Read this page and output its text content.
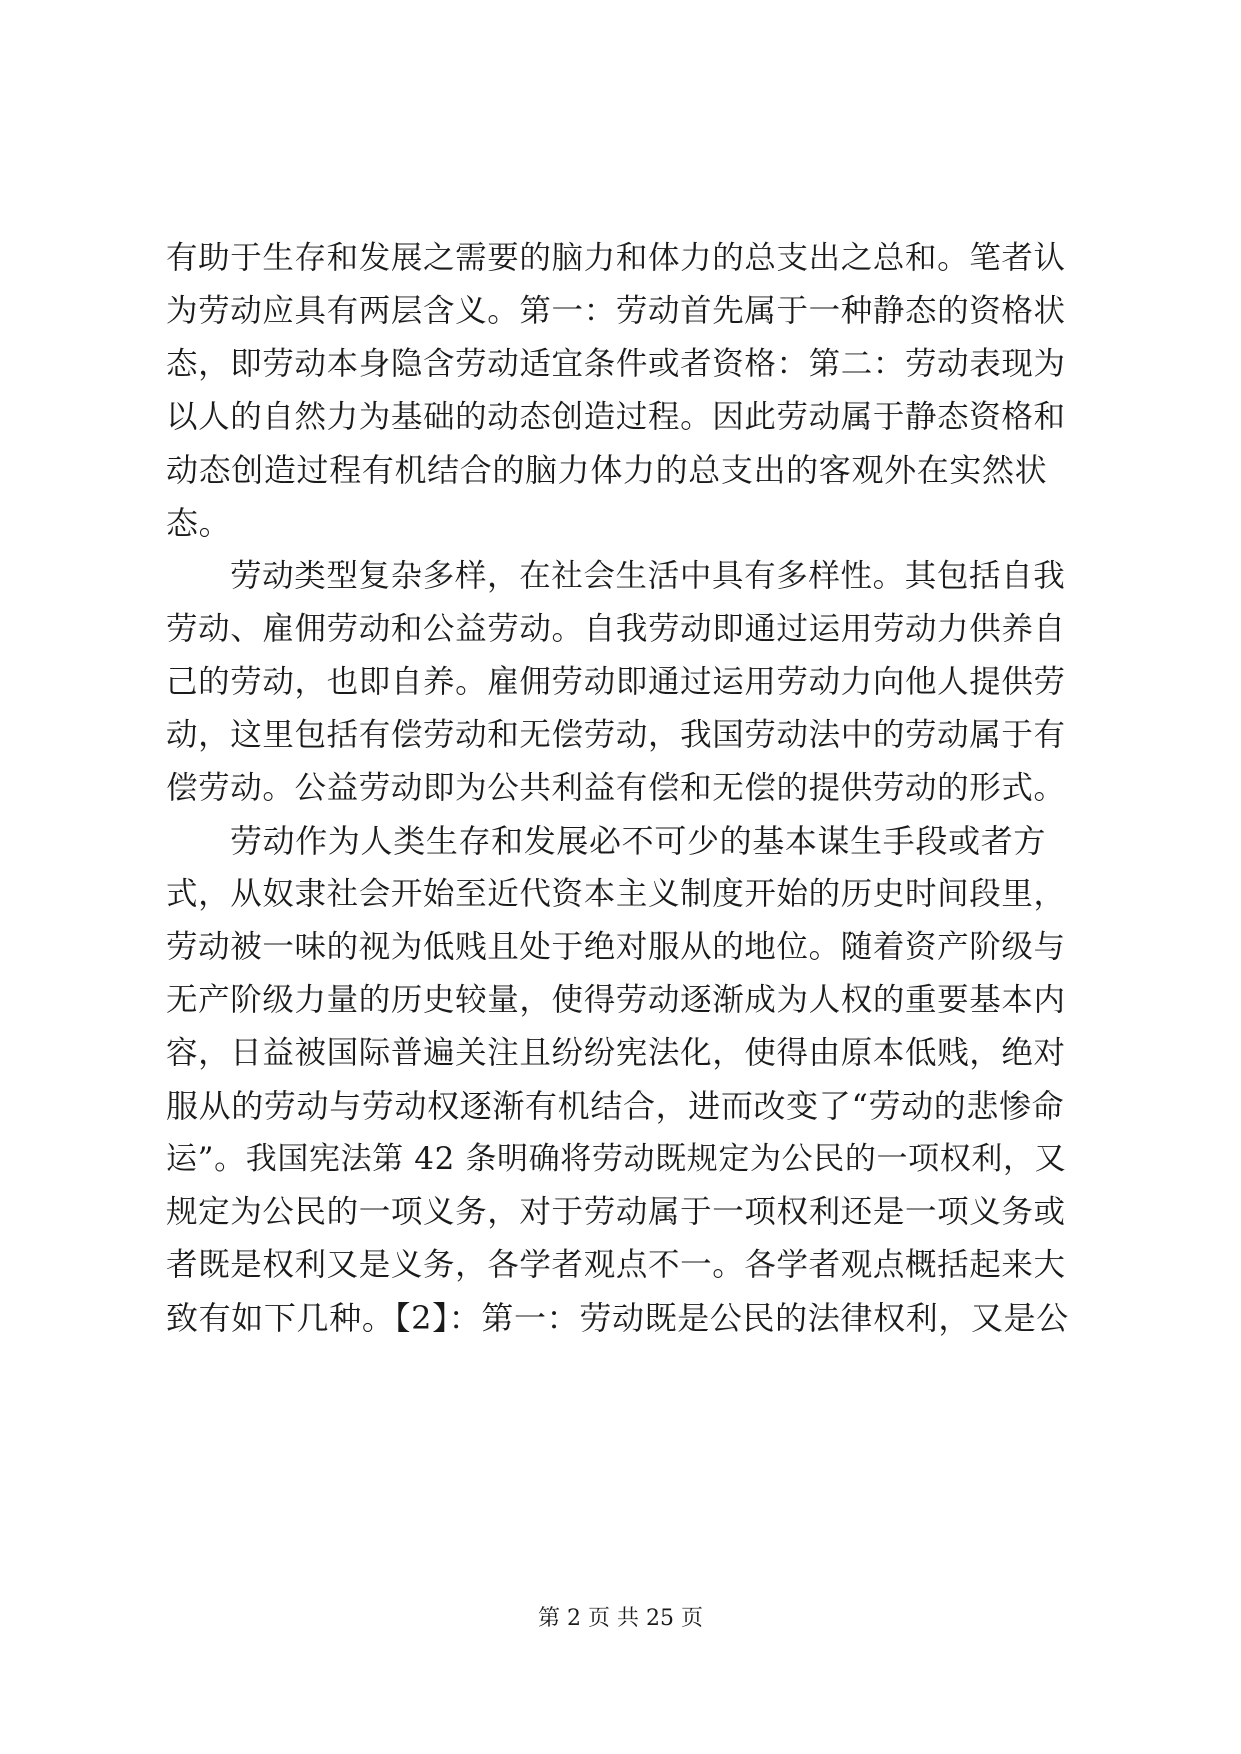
有助于生存和发展之需要的脑力和体力的总支出之总和。笔者认
为劳动应具有两层含义。第一：劳动首先属于一种静态的资格状
态，即劳动本身隐含劳动适宜条件或者资格：第二：劳动表现为
以人的自然力为基础的动态创造过程。因此劳动属于静态资格和
动态创造过程有机结合的脑力体力的总支出的客观外在实然状
态。
劳动类型复杂多样，在社会生活中具有多样性。其包括自我
劳动、雇佣劳动和公益劳动。自我劳动即通过运用劳动力供养自
己的劳动，也即自养。雇佣劳动即通过运用劳动力向他人提供劳
动，这里包括有偿劳动和无偿劳动，我国劳动法中的劳动属于有
偿劳动。公益劳动即为公共利益有偿和无偿的提供劳动的形式。
劳动作为人类生存和发展必不可少的基本谋生手段或者方
式，从奴隶社会开始至近代资本主义制度开始的历史时间段里，
劳动被一味的视为低贱且处于绝对服从的地位。随着资产阶级与
无产阶级力量的历史较量，使得劳动逐渐成为人权的重要基本内
容，日益被国际普遍关注且纷纷宪法化，使得由原本低贱，绝对
服从的劳动与劳动权逐渐有机结合，进而改变了“劳动的悲惨命
运”。我国宪法第 42 条明确将劳动既规定为公民的一项权利，又
规定为公民的一项义务，对于劳动属于一项权利还是一项义务或
者既是权利又是义务，各学者观点不一。各学者观点概括起来大
致有如下几种。【2】：第一：劳动既是公民的法律权利，又是公
第 2 页 共 25 页
